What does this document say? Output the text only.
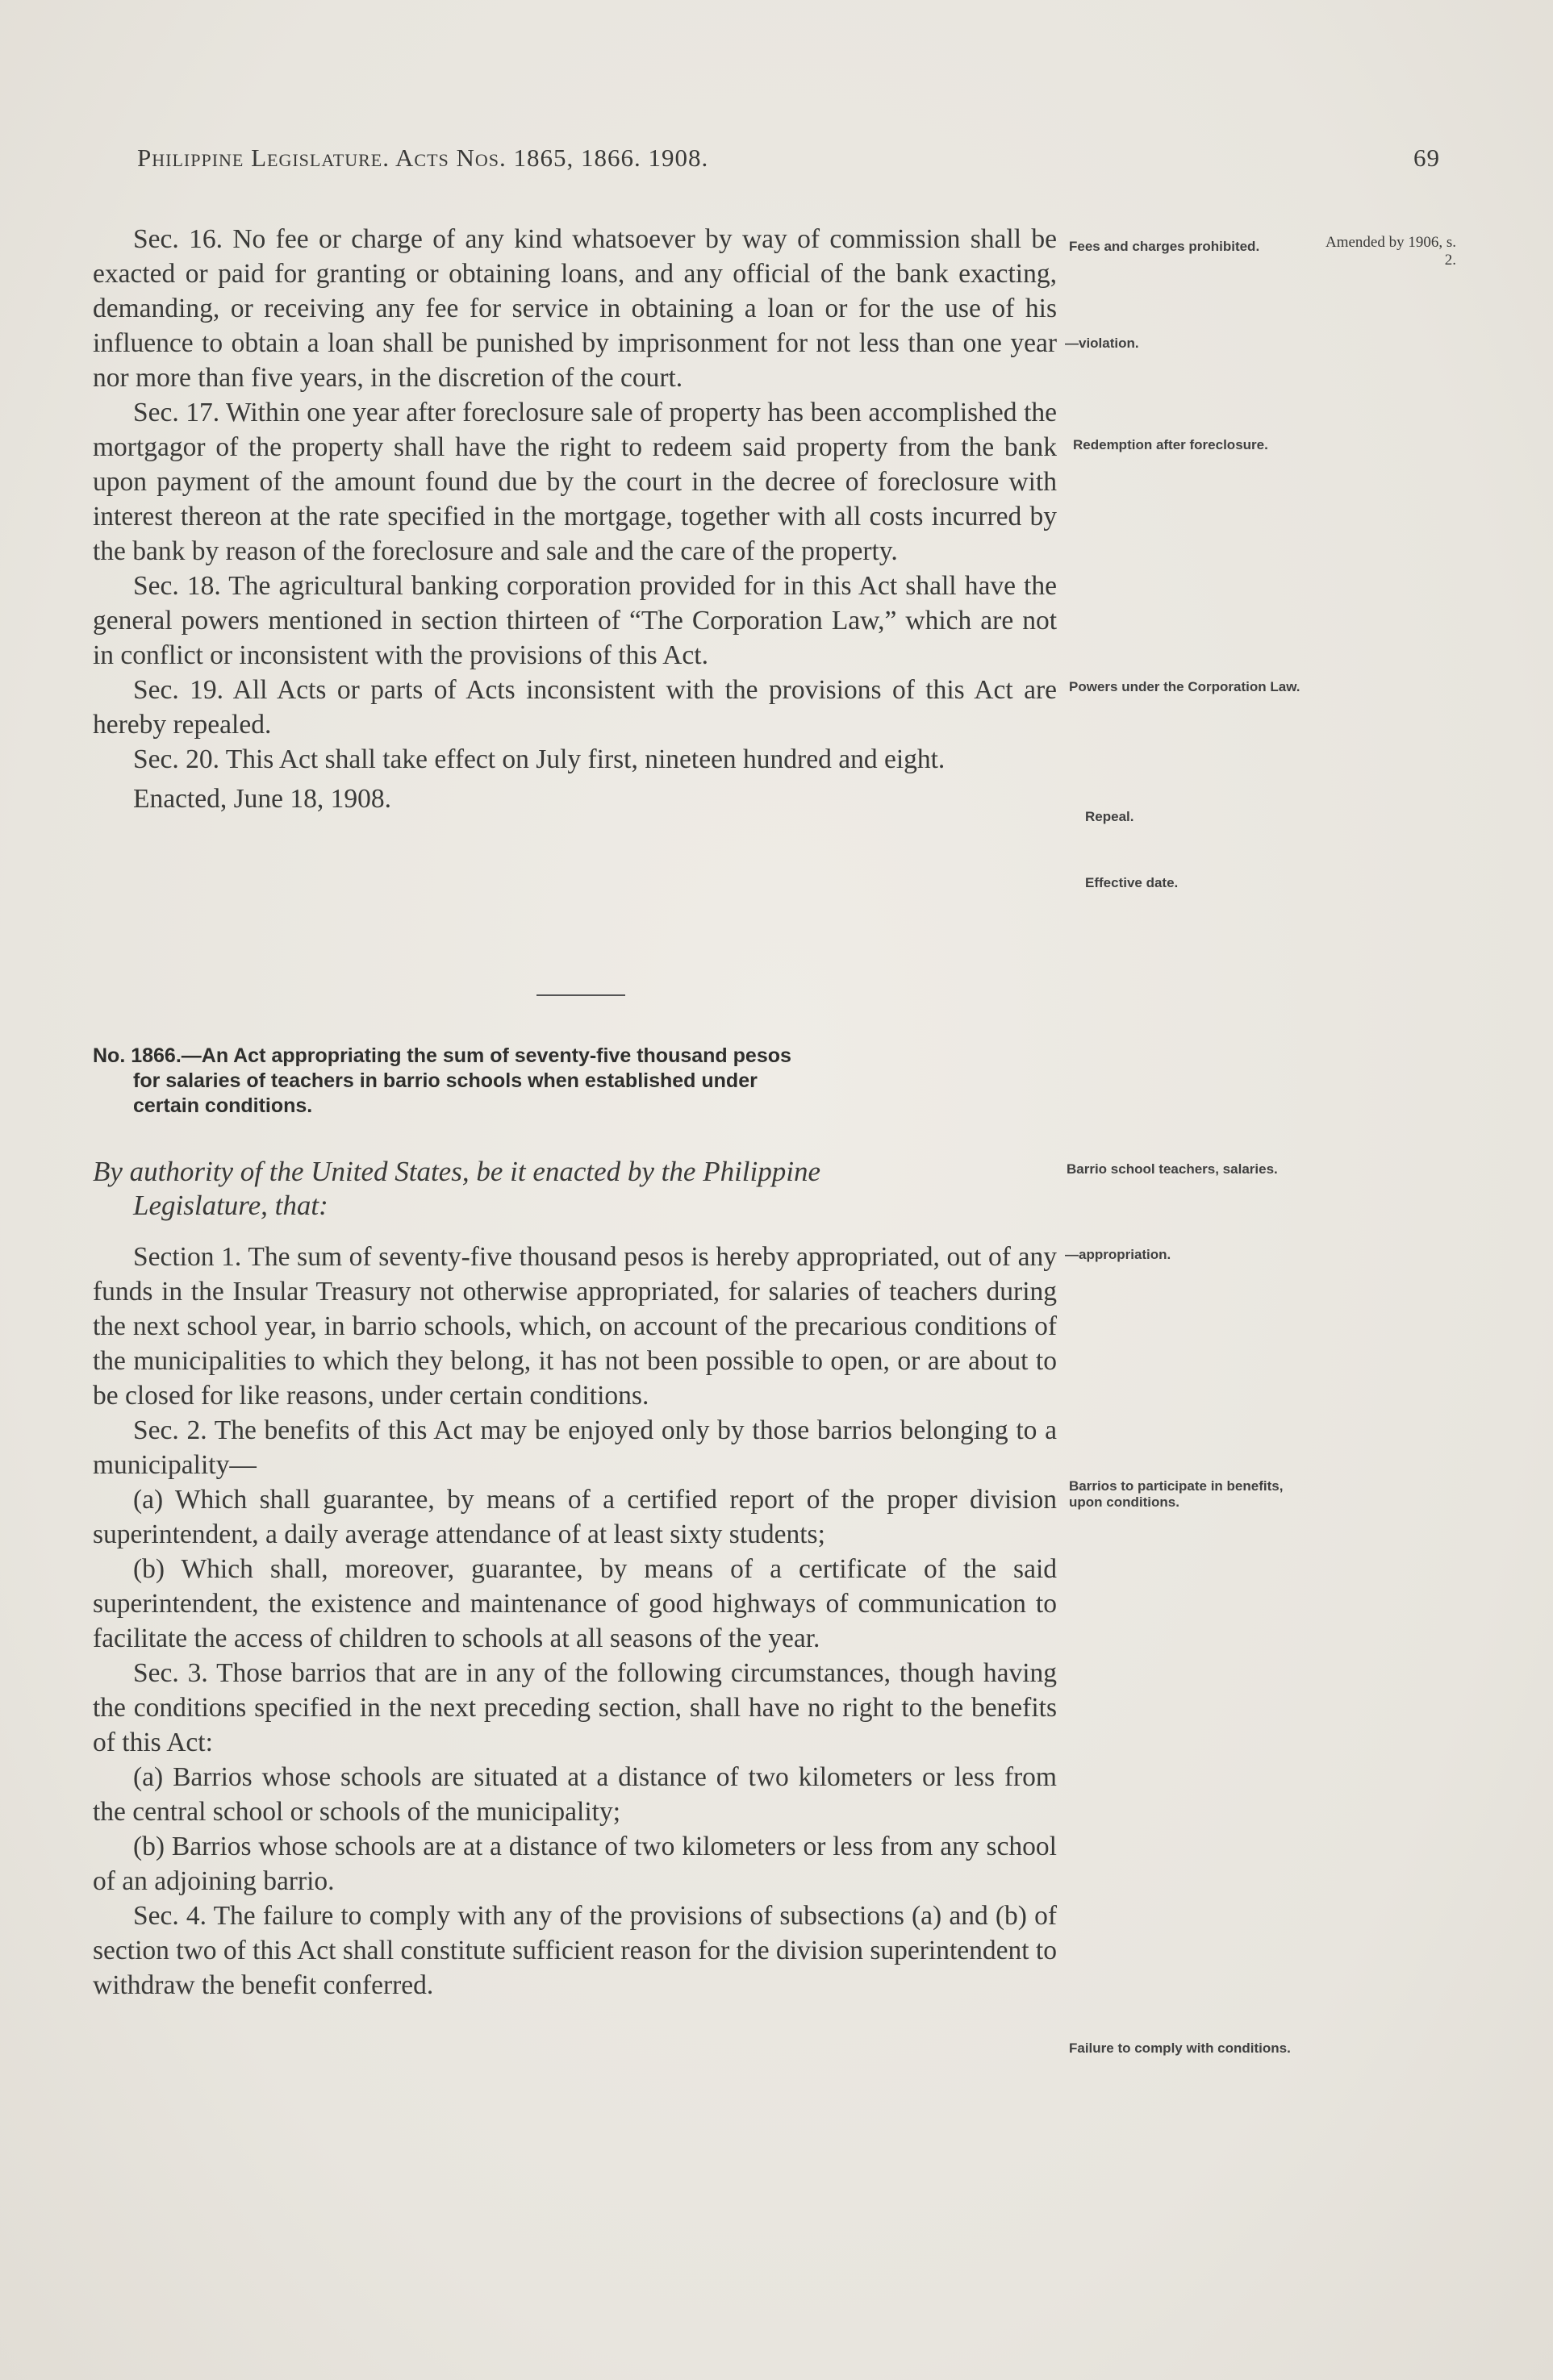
Philippine Legislature. Acts Nos. 1865, 1866. 1908.	69

Sec. 16. No fee or charge of any kind whatsoever by way of commission shall be exacted or paid for granting or obtaining loans, and any official of the bank exacting, demanding, or receiving any fee for service in obtaining a loan or for the use of his influence to obtain a loan shall be punished by imprisonment for not less than one year nor more than five years, in the discretion of the court.

Sec. 17. Within one year after foreclosure sale of property has been accomplished the mortgagor of the property shall have the right to redeem said property from the bank upon payment of the amount found due by the court in the decree of foreclosure with interest thereon at the rate specified in the mortgage, together with all costs incurred by the bank by reason of the foreclosure and sale and the care of the property.

Sec. 18. The agricultural banking corporation provided for in this Act shall have the general powers mentioned in section thirteen of “The Corporation Law,” which are not in conflict or inconsistent with the provisions of this Act.

Sec. 19. All Acts or parts of Acts inconsistent with the provisions of this Act are hereby repealed.

Sec. 20. This Act shall take effect on July first, nineteen hundred and eight.

Enacted, June 18, 1908.

No. 1866.—An Act appropriating the sum of seventy-five thousand pesos

for salaries of teachers in barrio schools when established under
certain conditions.
By authority of the United States, be it enacted by the Philippine
Legislature, that:

Section 1. The sum of seventy-five thousand pesos is hereby appropriated, out of any funds in the Insular Treasury not otherwise appropriated, for salaries of teachers during the next school year, in barrio schools, which, on account of the precarious conditions of the municipalities to which they belong, it has not been possible to open, or are about to be closed for like reasons, under certain conditions.

Sec. 2. The benefits of this Act may be enjoyed only by those barrios belonging to a municipality—

(a) Which shall guarantee, by means of a certified report of the proper division superintendent, a daily average attendance of at least sixty students;

(b) Which shall, moreover, guarantee, by means of a certificate of the said superintendent, the existence and maintenance of good highways of communication to facilitate the access of children to schools at all seasons of the year.

Sec. 3. Those barrios that are in any of the following circumstances, though having the conditions specified in the next preceding section, shall have no right to the benefits of this Act:

(a) Barrios whose schools are situated at a distance of two kilometers or less from the central school or schools of the municipality;

(b) Barrios whose schools are at a distance of two kilometers or less from any school of an adjoining barrio.

Sec. 4. The failure to comply with any of the provisions of subsections (a) and (b) of section two of this Act shall constitute sufficient reason for the division superintendent to withdraw the benefit conferred.

Fees and charges prohibited.	Amended by 1906, s. 2.
—violation.
Redemption after foreclosure.
Powers under the Corporation Law.
Repeal.
Effective date.
Barrio school teachers, salaries.
—appropriation.
Barrios to participate in benefits, upon conditions.
Failure to comply with conditions.
